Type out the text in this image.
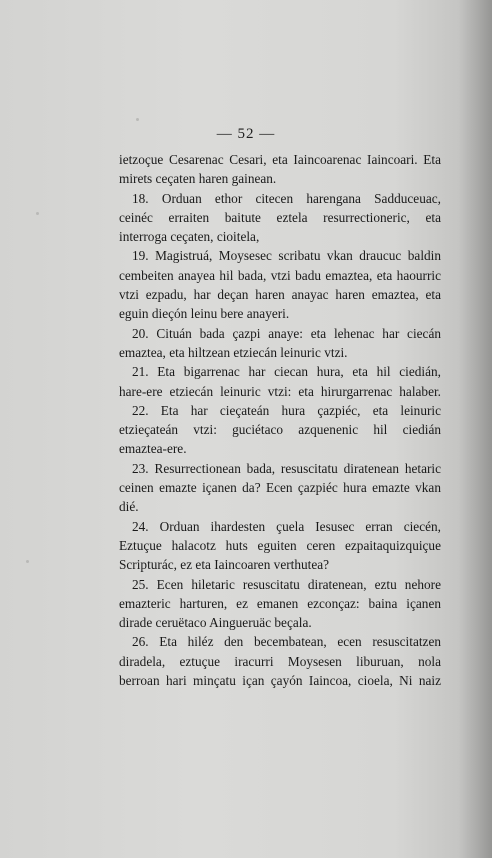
— 52 —
ietzoçue Cesarenac Cesari, eta Iaincoarenac Iaincoari. Eta
mirets ceçaten haren gainean.
18. Orduan ethor citecen harengana Sadduceuac,
ceinéc erraiten baitute eztela resurrectioneric, eta
interroga ceçaten, cioitela,
19. Magistruá, Moysesec scribatu vkan draucuc baldin
cembeiten anayea hil bada, vtzi badu emaztea, eta haourric
vtzi ezpadu, har deçan haren anayac haren emaztea, eta
eguin dieçón leinu bere anayeri.
20. Cituán bada çazpi anaye: eta lehenac har ciecán
emaztea, eta hiltzean etziecán leinuric vtzi.
21. Eta bigarrenac har ciecan hura, eta hil ciedián,
hare-ere etziecán leinuric vtzi: eta hirurgarrenac halaber.
22. Eta har cieçateán hura çazpiéc, eta leinuric
etzieçateán vtzi: guciétaco azquenenic hil ciedián
emaztea-ere.
23. Resurrectionean bada, resuscitatu diratenean hetaric
ceinen emazte içanen da? Ecen çazpiéc hura emazte vkan
dié.
24. Orduan ihardesten çuela Iesusec erran ciecén,
Eztuçue halacotz huts eguiten ceren ezpaitaquizquiçue
Scripturác, ez eta Iaincoaren verthutea?
25. Ecen hiletaric resuscitatu diratenean, eztu nehore
emazteric harturen, ez emanen ezconçaz: baina içanen
dirade ceruëtaco Aingueruäc beçala.
26. Eta hiléz den becembatean, ecen resuscitatzen
diradela, eztuçue iracurri Moysesen liburuan, nola
berroan hari minçatu içan çayón Iaincoa, cioela, Ni naiz
